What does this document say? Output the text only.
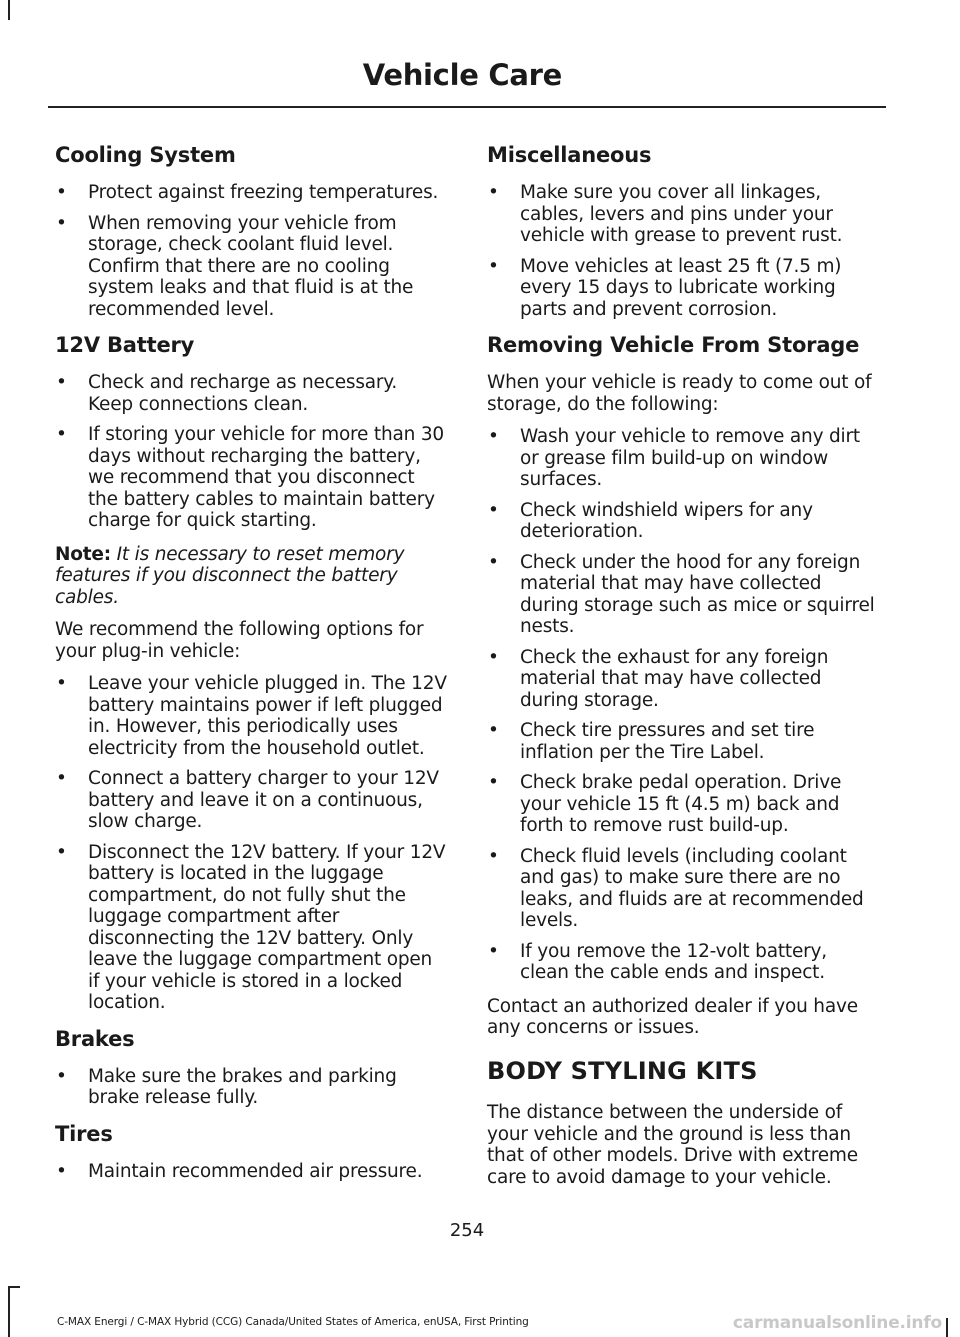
Vehicle Care
Cooling System
• Protect against freezing temperatures.
• When removing your vehicle from storage, check coolant fluid level. Confirm that there are no cooling system leaks and that fluid is at the recommended level.
12V Battery
• Check and recharge as necessary. Keep connections clean.
• If storing your vehicle for more than 30 days without recharging the battery, we recommend that you disconnect the battery cables to maintain battery charge for quick starting.

Note: It is necessary to reset memory features if you disconnect the battery cables.

We recommend the following options for your plug-in vehicle:

• Leave your vehicle plugged in. The 12V battery maintains power if left plugged in. However, this periodically uses electricity from the household outlet.
• Connect a battery charger to your 12V battery and leave it on a continuous, slow charge.
• Disconnect the 12V battery. If your 12V battery is located in the luggage compartment, do not fully shut the luggage compartment after disconnecting the 12V battery. Only leave the luggage compartment open if your vehicle is stored in a locked location.
Brakes
• Make sure the brakes and parking brake release fully.
Tires
• Maintain recommended air pressure.
Miscellaneous
• Make sure you cover all linkages, cables, levers and pins under your vehicle with grease to prevent rust.
• Move vehicles at least 25 ft (7.5 m) every 15 days to lubricate working parts and prevent corrosion.
Removing Vehicle From Storage

When your vehicle is ready to come out of storage, do the following:

• Wash your vehicle to remove any dirt or grease film build-up on window surfaces.
• Check windshield wipers for any deterioration.
• Check under the hood for any foreign material that may have collected during storage such as mice or squirrel nests.
• Check the exhaust for any foreign material that may have collected during storage.
• Check tire pressures and set tire inflation per the Tire Label.
• Check brake pedal operation. Drive your vehicle 15 ft (4.5 m) back and forth to remove rust build-up.
• Check fluid levels (including coolant and gas) to make sure there are no leaks, and fluids are at recommended levels.
• If you remove the 12-volt battery, clean the cable ends and inspect.

Contact an authorized dealer if you have any concerns or issues.

BODY STYLING KITS

The distance between the underside of your vehicle and the ground is less than that of other models. Drive with extreme care to avoid damage to your vehicle.

254
C-MAX Energi / C-MAX Hybrid (CCG) Canada/United States of America, enUSA, First Printing	carmanualsonline.info
